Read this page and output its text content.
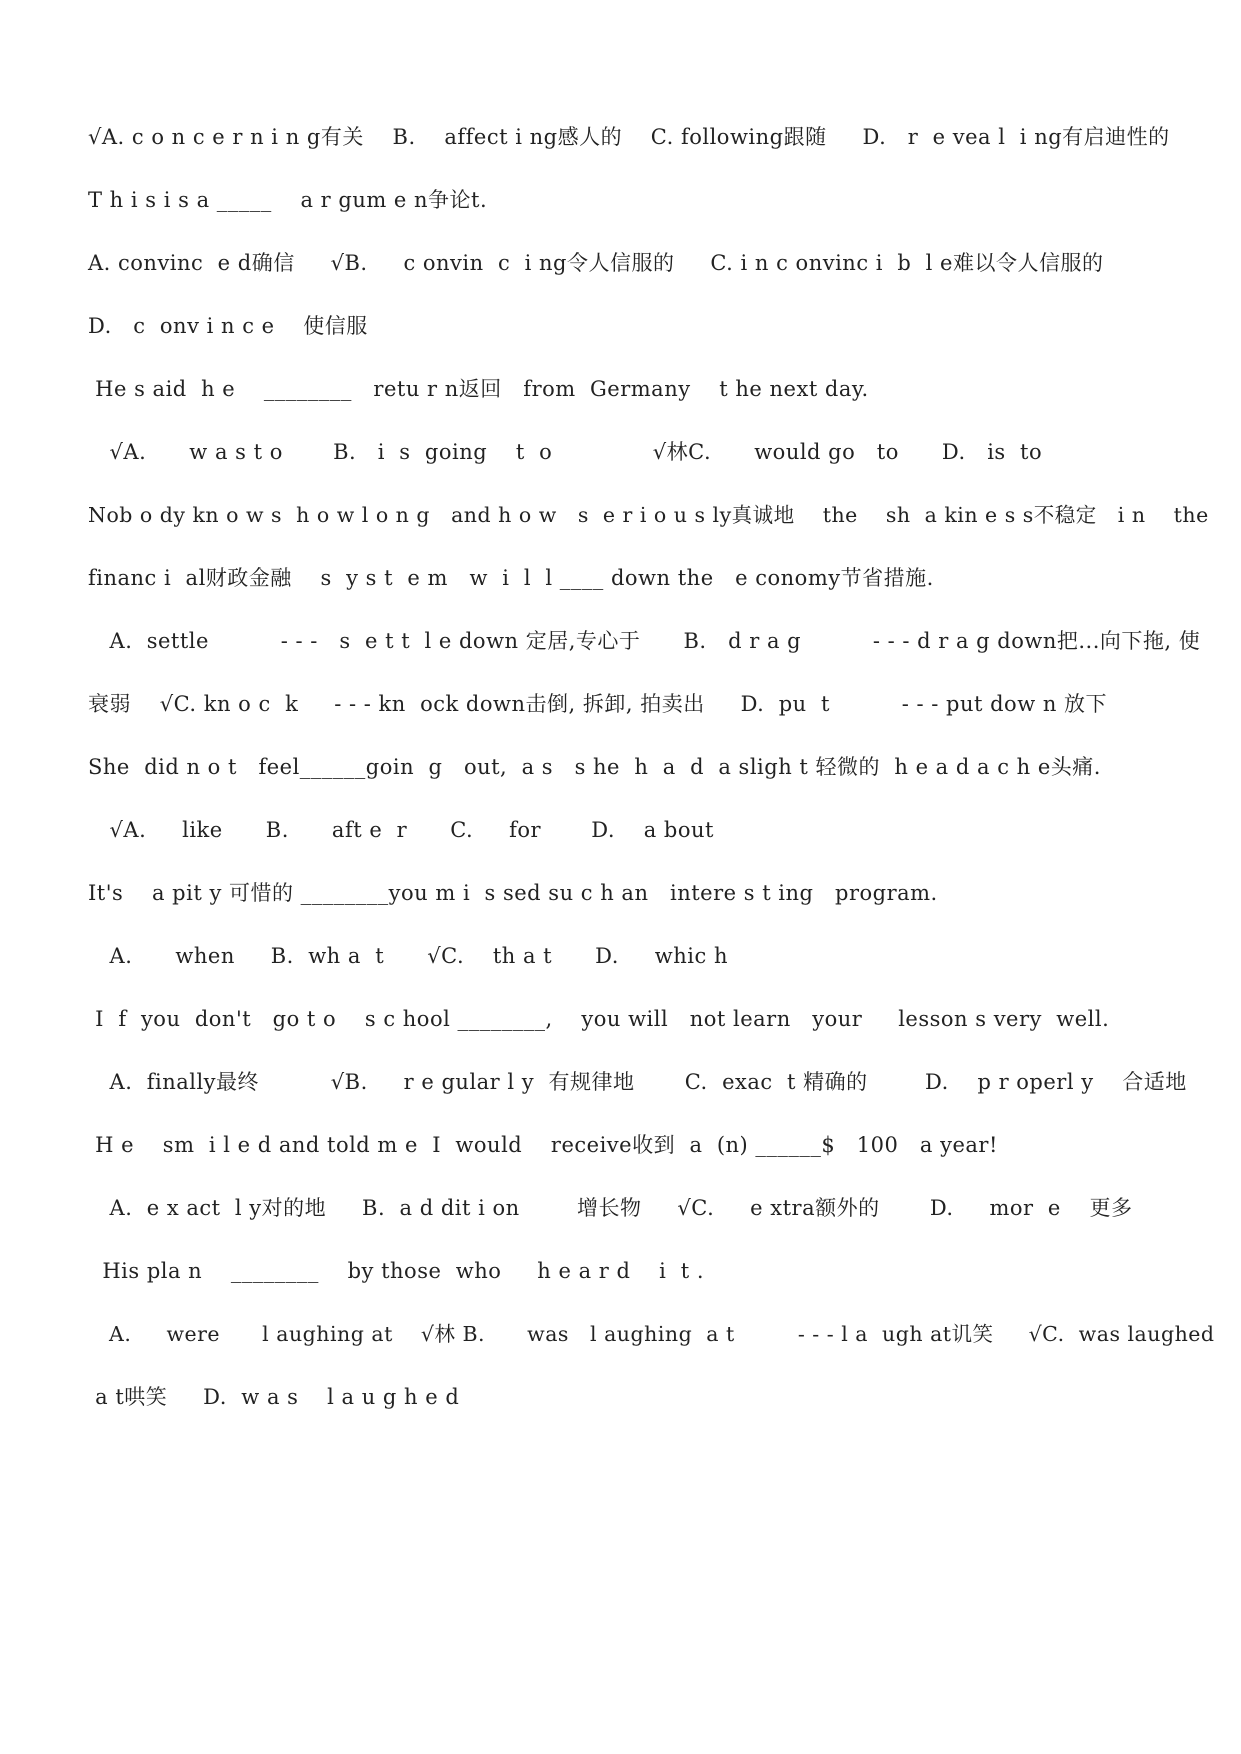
√A. c o n c e r n i n g有关    B.    affect i ng感人的    C. following跟随     D.   r  e vea l  i ng有启迪性的
T h i s i s a _____    a r gum e n争论t.
A. convinc  e d确信     √B.     c onvin  c  i ng令人信服的     C. i n c onvinc i  b  l e难以令人信服的
D.   c  onv i n c e    使信服
He s aid  h e    ________   retu r n返回   from  Germany    t he next day.
√A.      w a s t o       B.   i  s  going    t  o              √林C.      would go   to      D.   is  to
Nob o dy kn o w s  h o w l o n g   and h o w   s  e r i o u s ly真诚地    the    sh  a kin e s s不稳定   i n    the
financ i  al财政金融    s  y s t  e m   w  i  l  l ____ down the   e conomy节省措施.
A.  settle          - - -   s  e t t  l e down 定居,专心于      B.   d r a g          - - - d r a g down把...向下拖, 使
衰弱    √C. kn o c  k     - - - kn  ock down击倒, 拆卸, 拍卖出     D.  pu  t          - - - put dow n 放下
She  did n o t   feel______goin  g   out,  a s   s he  h  a  d  a sligh t 轻微的  h e a d a c h e头痛.
√A.     like      B.      aft e  r      C.     for       D.    a bout
It's    a pit y 可惜的 ________you m i  s sed su c h an   intere s t ing   program.
A.      when     B.  wh a  t      √C.    th a t      D.     whic h
I  f  you  don't   go t o    s c hool ________,    you will   not learn   your     lesson s very  well.
A.  finally最终          √B.     r e gular l y  有规律地       C.  exac  t 精确的        D.    p r operl y    合适地
H e    sm  i l e d and told m e  I  would    receive收到  a  (n) ______$   100   a year!
A.  e x act  l y对的地     B.  a d dit i on        增长物     √C.     e xtra额外的       D.     mor  e    更多
His pla n    ________    by those  who     h e a r d    i  t .
A.     were      l aughing at    √林 B.      was   l aughing  a t         - - - l a  ugh at讥笑     √C.  was laughed
a t哄笑     D.  w a s    l a u g h e d
